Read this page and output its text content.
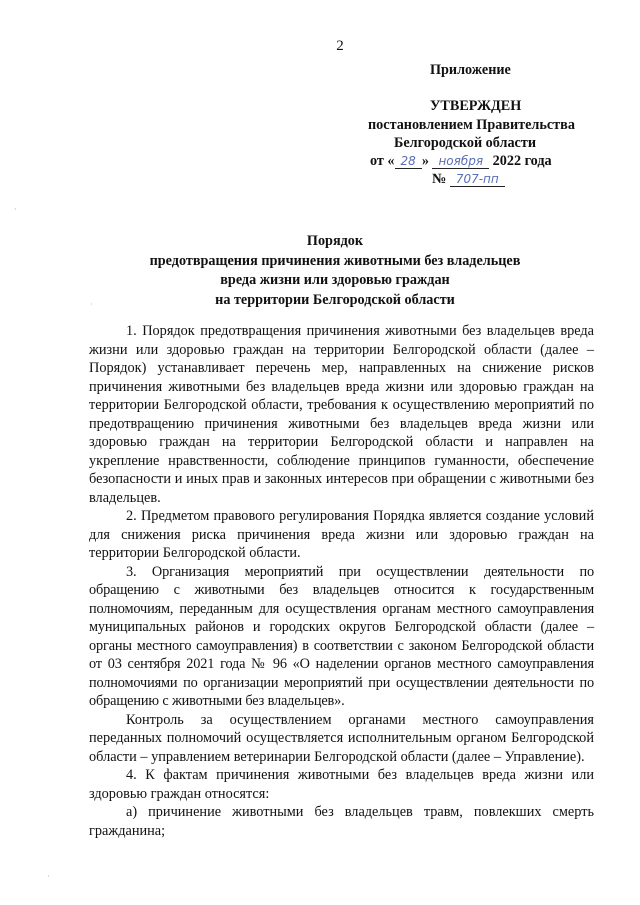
2
Приложение
УТВЕРЖДЕН
постановлением Правительства
Белгородской области
от « 28 » ноября 2022 года
№ 707-пп
Порядок
предотвращения причинения животными без владельцев
вреда жизни или здоровью граждан
на территории Белгородской области

1. Порядок предотвращения причинения животными без владельцев вреда жизни или здоровью граждан на территории Белгородской области (далее – Порядок) устанавливает перечень мер, направленных на снижение рисков причинения животными без владельцев вреда жизни или здоровью граждан на территории Белгородской области, требования к осуществлению мероприятий по предотвращению причинения животными без владельцев вреда жизни или здоровью граждан на территории Белгородской области и направлен на укрепление нравственности, соблюдение принципов гуманности, обеспечение безопасности и иных прав и законных интересов при обращении с животными без владельцев.

2. Предметом правового регулирования Порядка является создание условий для снижения риска причинения вреда жизни или здоровью граждан на территории Белгородской области.

3. Организация мероприятий при осуществлении деятельности по обращению с животными без владельцев относится к государственным полномочиям, переданным для осуществления органам местного самоуправления муниципальных районов и городских округов Белгородской области (далее – органы местного самоуправления) в соответствии с законом Белгородской области от 03 сентября 2021 года № 96 «О наделении органов местного самоуправления полномочиями по организации мероприятий при осуществлении деятельности по обращению с животными без владельцев».

Контроль за осуществлением органами местного самоуправления переданных полномочий осуществляется исполнительным органом Белгородской области – управлением ветеринарии Белгородской области (далее – Управление).

4. К фактам причинения животными без владельцев вреда жизни или здоровью граждан относятся:

а) причинение животными без владельцев травм, повлекших смерть гражданина;

·
·
·
